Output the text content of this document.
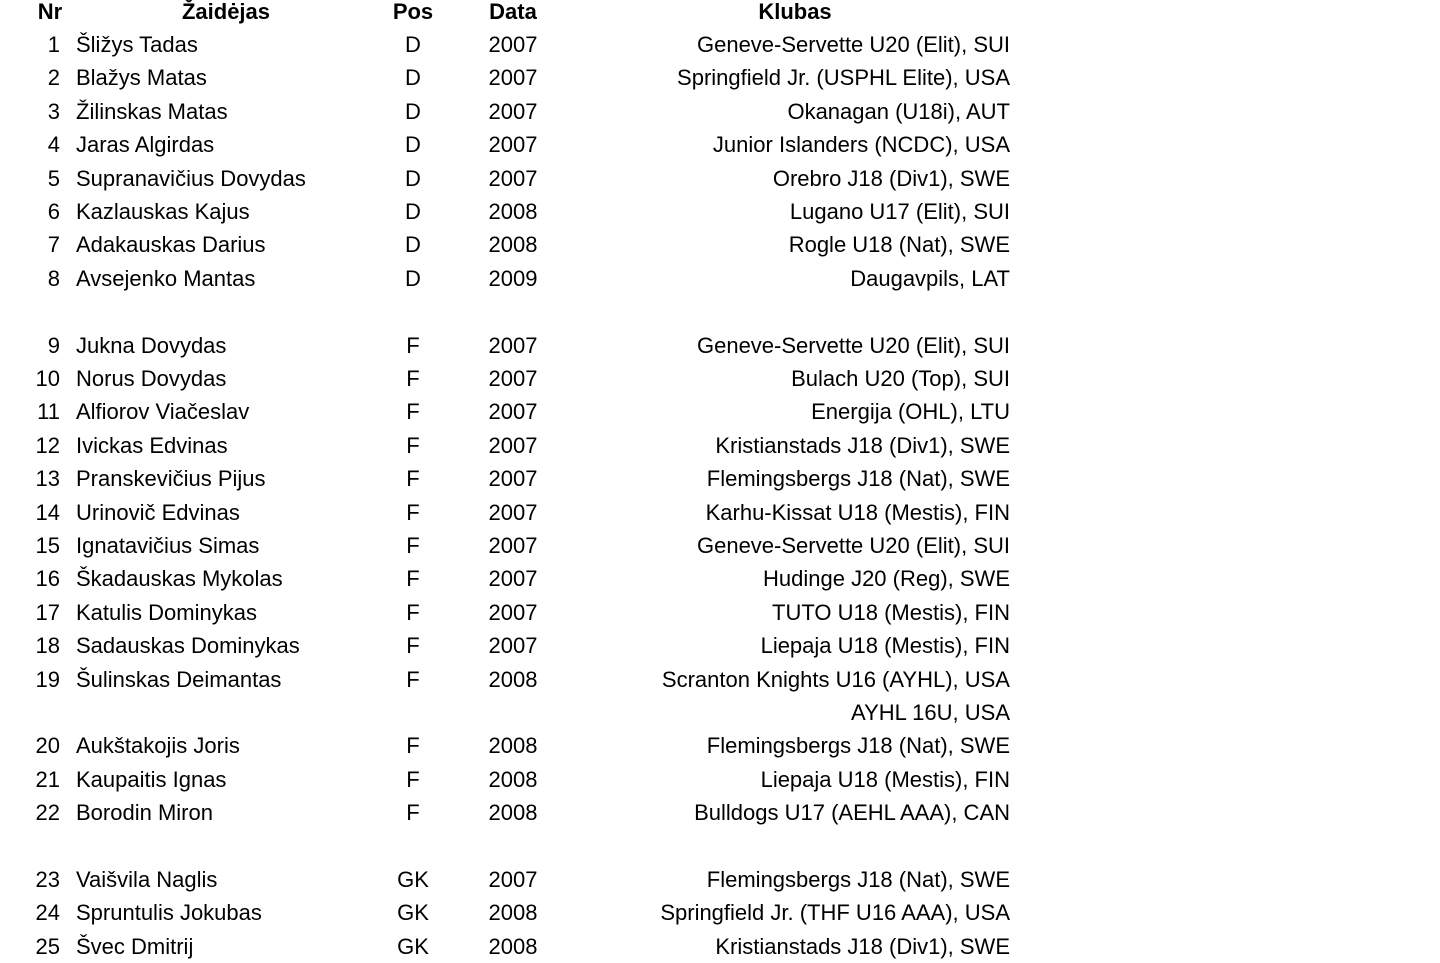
Nr	Žaidėjas	Pos	Data	Klubas
1 Šližys Tadas	D	2007	Geneve-Servette U20 (Elit), SUI
2 Blažys Matas	D	2007	Springfield Jr. (USPHL Elite), USA
3 Žilinskas Matas	D	2007	Okanagan (U18i), AUT
4 Jaras Algirdas	D	2007	Junior Islanders (NCDC), USA
5 Supranavičius Dovydas	D	2007	Orebro J18 (Div1), SWE
6 Kazlauskas Kajus	D	2008	Lugano U17 (Elit), SUI
7 Adakauskas Darius	D	2008	Rogle U18 (Nat), SWE
8 Avsejenko Mantas	D	2009	Daugavpils, LAT
9 Jukna Dovydas	F	2007	Geneve-Servette U20 (Elit), SUI
10 Norus Dovydas	F	2007	Bulach U20 (Top), SUI
11 Alfiorov Viačeslav	F	2007	Energija (OHL), LTU
12 Ivickas Edvinas	F	2007	Kristianstads J18 (Div1), SWE
13 Pranskevičius Pijus	F	2007	Flemingsbergs J18 (Nat), SWE
14 Urinovič Edvinas	F	2007	Karhu-Kissat U18 (Mestis), FIN
15 Ignatavičius Simas	F	2007	Geneve-Servette U20 (Elit), SUI
16 Škadauskas Mykolas	F	2007	Hudinge J20 (Reg), SWE
17 Katulis Dominykas	F	2007	TUTO U18 (Mestis), FIN
18 Sadauskas Dominykas	F	2007	Liepaja U18 (Mestis), FIN
19 Šulinskas Deimantas	F	2008	Scranton Knights U16 (AYHL), USA
AYHL 16U, USA
20 Aukštakojis Joris	F	2008	Flemingsbergs J18 (Nat), SWE
21 Kaupaitis Ignas	F	2008	Liepaja U18 (Mestis), FIN
22 Borodin Miron	F	2008	Bulldogs U17 (AEHL AAA), CAN
23 Vaišvila Naglis	GK	2007	Flemingsbergs J18 (Nat), SWE
24 Spruntulis Jokubas	GK	2008	Springfield Jr. (THF U16 AAA), USA
25 Švec Dmitrij	GK	2008	Kristianstads J18 (Div1), SWE
